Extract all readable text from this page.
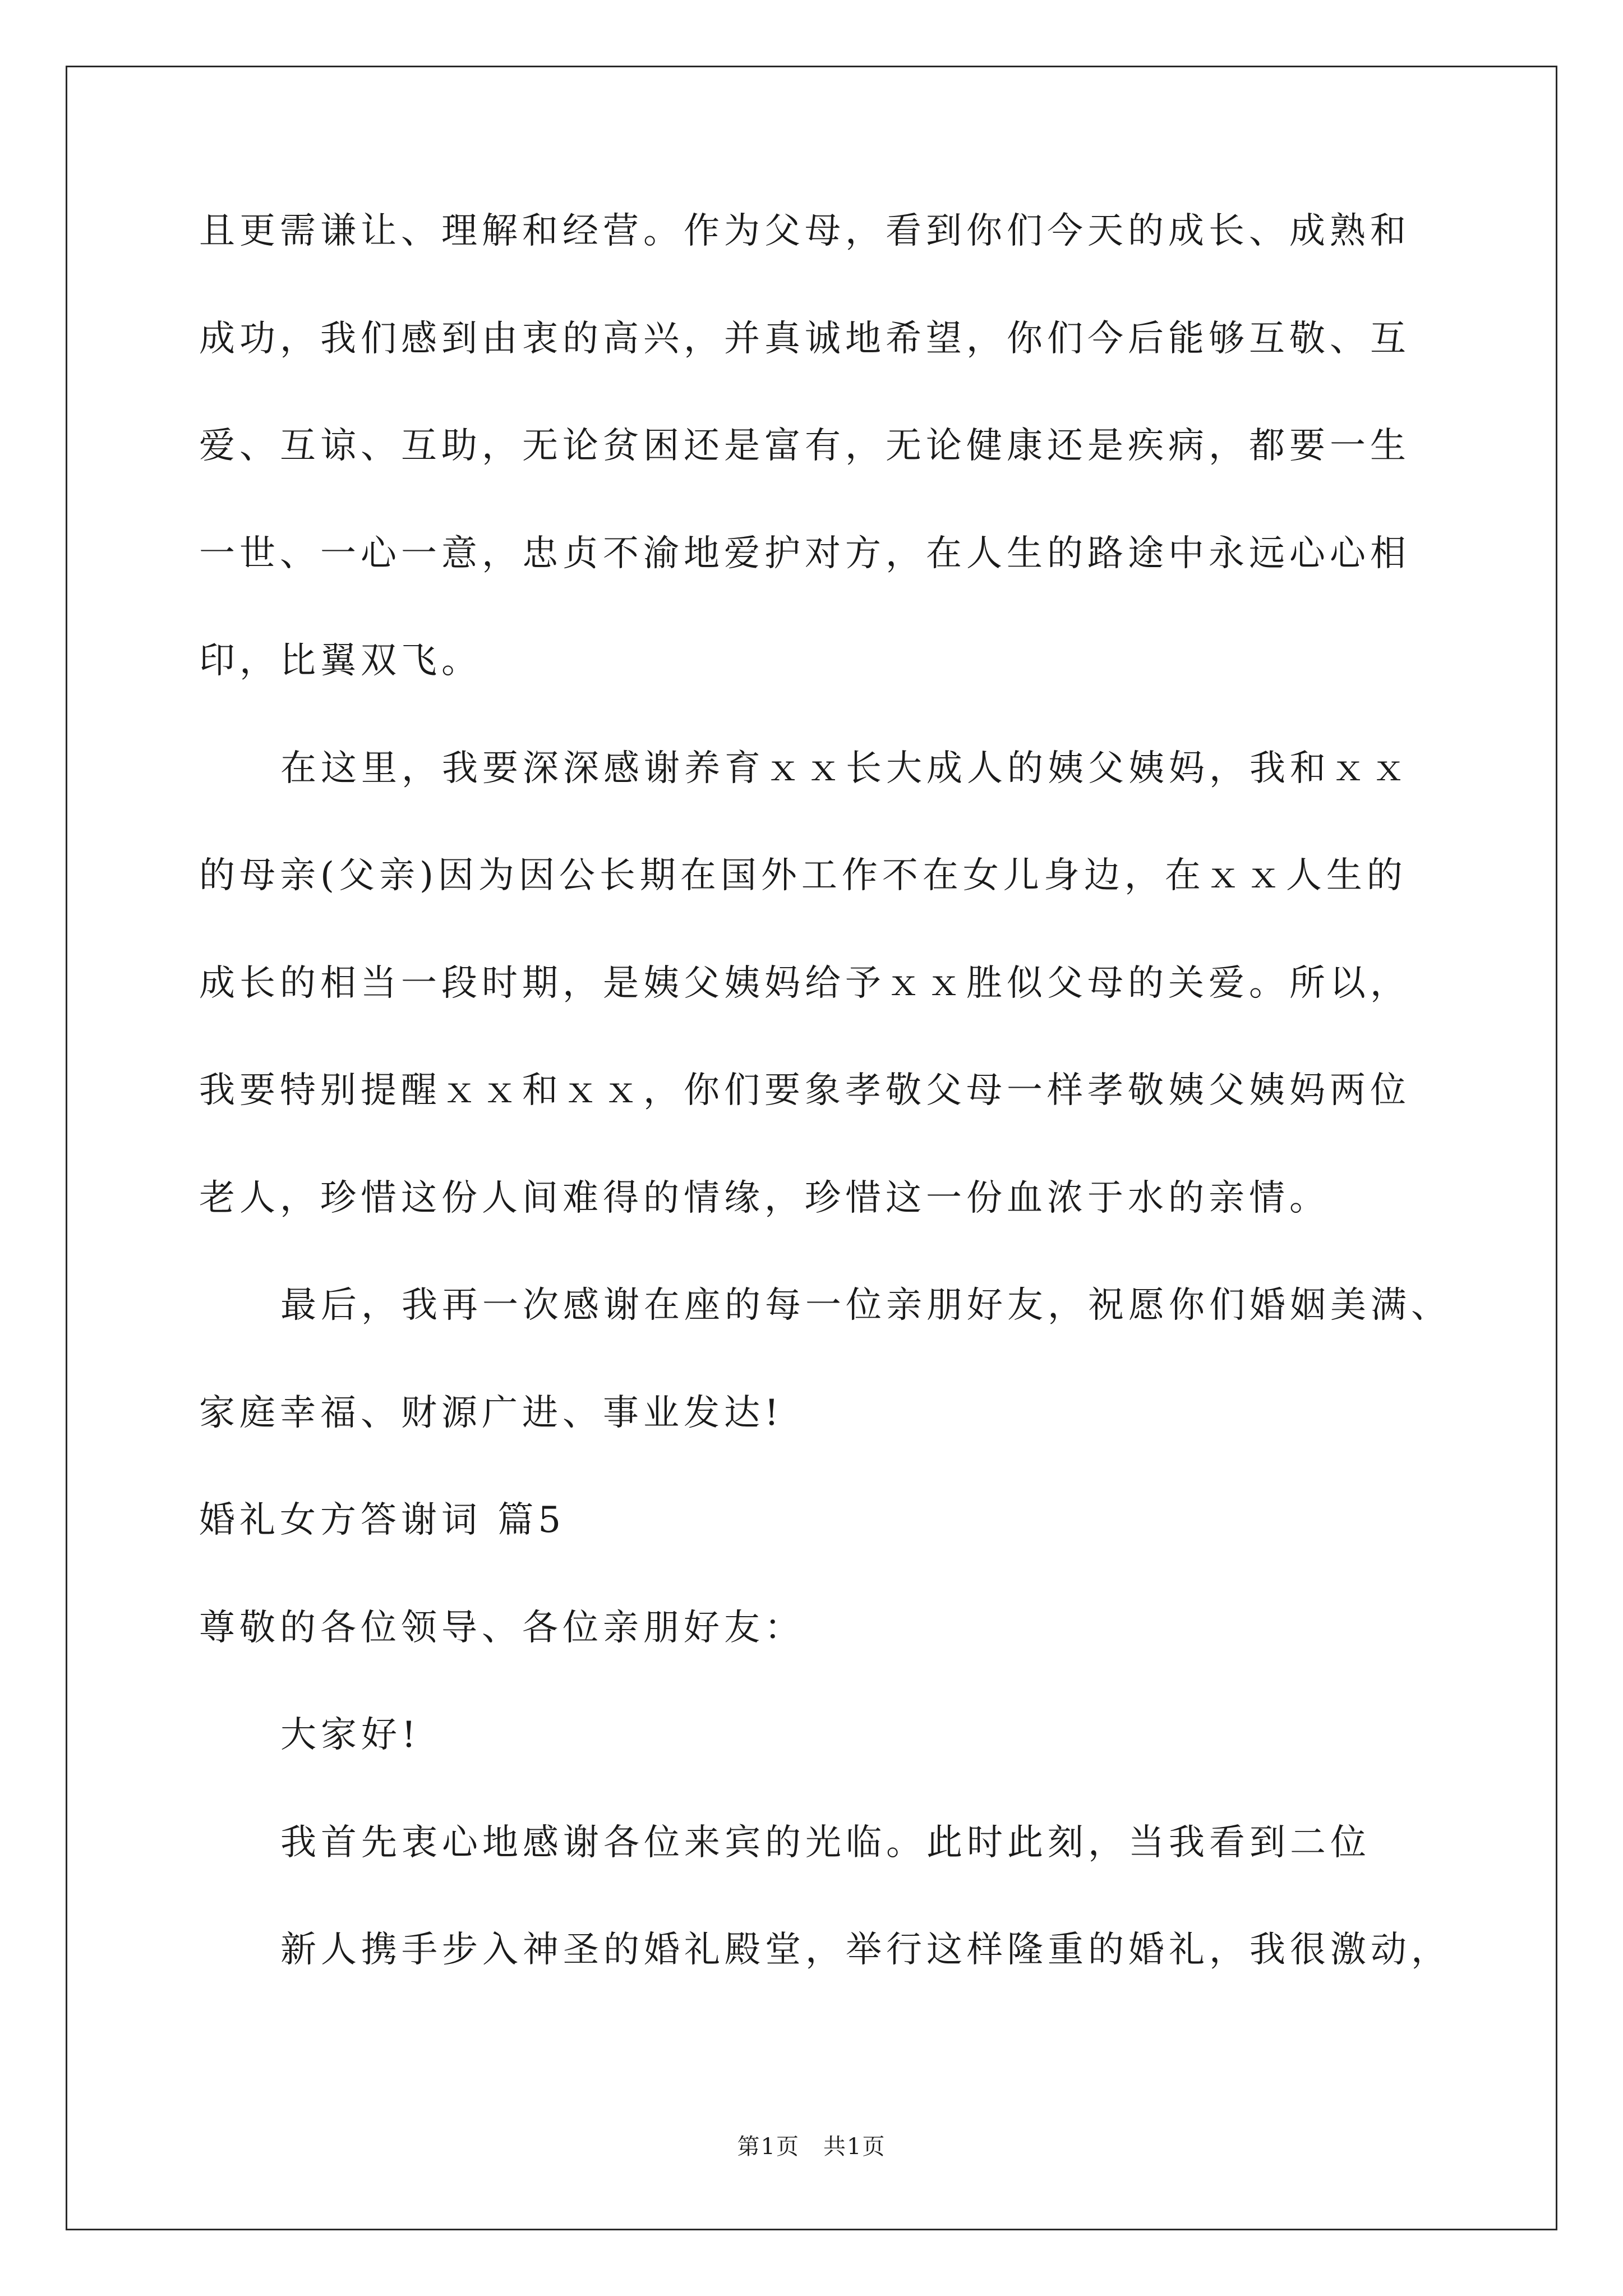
且更需谦让、理解和经营。作为父母，看到你们今天的成长、成熟和
成功，我们感到由衷的高兴，并真诚地希望，你们今后能够互敬、互
爱、互谅、互助，无论贫困还是富有，无论健康还是疾病，都要一生
一世、一心一意，忠贞不渝地爱护对方，在人生的路途中永远心心相
印，比翼双飞。
在这里，我要深深感谢养育ｘｘ长大成人的姨父姨妈，我和ｘｘ
的母亲(父亲)因为因公长期在国外工作不在女儿身边，在ｘｘ人生的
成长的相当一段时期，是姨父姨妈给予ｘｘ胜似父母的关爱。所以，
我要特别提醒ｘｘ和ｘｘ，你们要象孝敬父母一样孝敬姨父姨妈两位
老人，珍惜这份人间难得的情缘，珍惜这一份血浓于水的亲情。
最后，我再一次感谢在座的每一位亲朋好友，祝愿你们婚姻美满、
家庭幸福、财源广进、事业发达!
婚礼女方答谢词 篇5
尊敬的各位领导、各位亲朋好友：
大家好!
我首先衷心地感谢各位来宾的光临。此时此刻，当我看到二位
新人携手步入神圣的婚礼殿堂，举行这样隆重的婚礼，我很激动，
第1页　共1页
